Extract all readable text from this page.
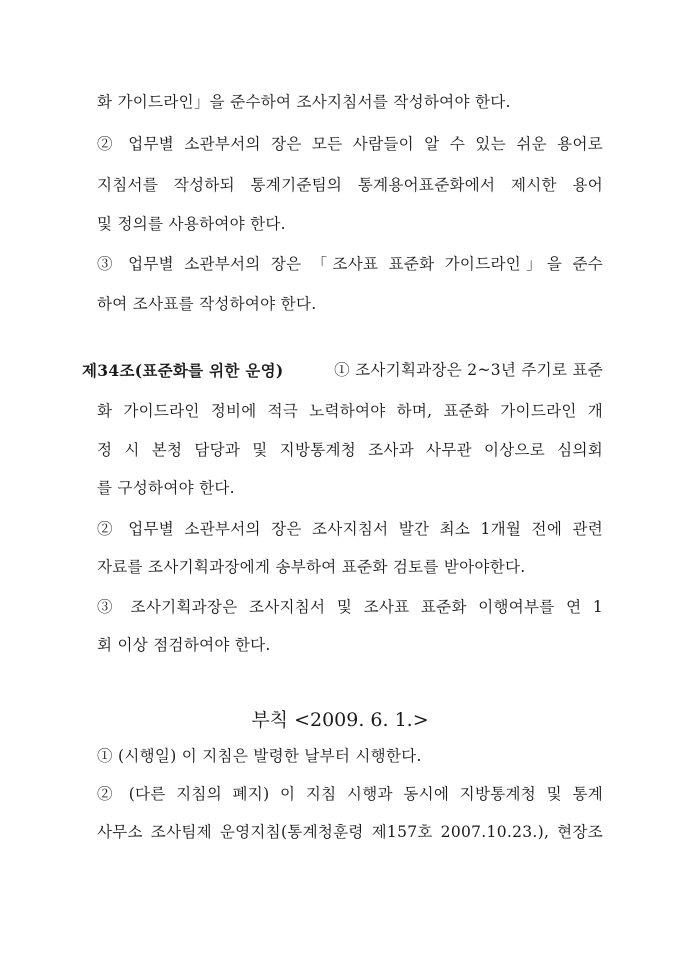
화 가이드라인」을 준수하여 조사지침서를 작성하여야 한다.
② 업무별 소관부서의 장은 모든 사람들이 알 수 있는 쉬운 용어로
지침서를 작성하되 통계기준팀의 통계용어표준화에서 제시한 용어
및 정의를 사용하여야 한다.
③ 업무별 소관부서의 장은 「조사표 표준화 가이드라인」을 준수
하여 조사표를 작성하여야 한다.
제34조(표준화를 위한 운영)	① 조사기획과장은 2~3년 주기로 표준
화 가이드라인 정비에 적극 노력하여야 하며, 표준화 가이드라인 개
정 시 본청 담당과 및 지방통계청 조사과 사무관 이상으로 심의회
를 구성하여야 한다.
② 업무별 소관부서의 장은 조사지침서 발간 최소 1개월 전에 관련
자료를 조사기획과장에게 송부하여 표준화 검토를 받아야한다.
③ 조사기획과장은 조사지침서 및 조사표 표준화 이행여부를 연 1
회 이상 점검하여야 한다.
부칙 <2009. 6. 1.>
① (시행일) 이 지침은 발령한 날부터 시행한다.
② (다른 지침의 폐지) 이 지침 시행과 동시에 지방통계청 및 통계
사무소 조사팀제 운영지침(통계청훈령 제157호 2007.10.23.), 현장조
